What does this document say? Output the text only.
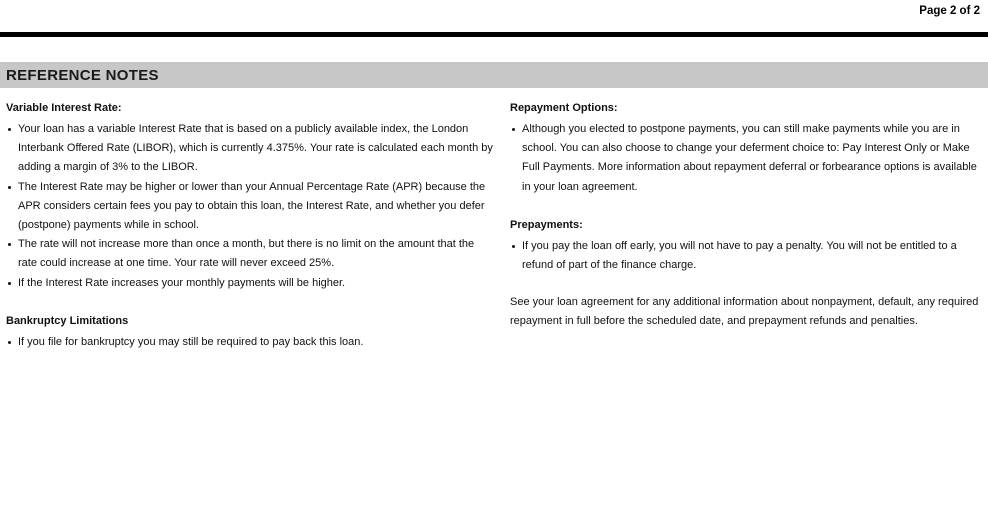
Page 2 of 2
REFERENCE NOTES
Variable Interest Rate:
Your loan has a variable Interest Rate that is based on a publicly available index, the London Interbank Offered Rate (LIBOR), which is currently 4.375%. Your rate is calculated each month by adding a margin of 3% to the LIBOR.
The Interest Rate may be higher or lower than your Annual Percentage Rate (APR) because the APR considers certain fees you pay to obtain this loan, the Interest Rate, and whether you defer (postpone) payments while in school.
The rate will not increase more than once a month, but there is no limit on the amount that the rate could increase at one time. Your rate will never exceed 25%.
If the Interest Rate increases your monthly payments will be higher.
Bankruptcy Limitations
If you file for bankruptcy you may still be required to pay back this loan.
Repayment Options:
Although you elected to postpone payments, you can still make payments while you are in school. You can also choose to change your deferment choice to: Pay Interest Only or Make Full Payments. More information about repayment deferral or forbearance options is available in your loan agreement.
Prepayments:
If you pay the loan off early, you will not have to pay a penalty. You will not be entitled to a refund of part of the finance charge.

See your loan agreement for any additional information about nonpayment, default, any required repayment in full before the scheduled date, and prepayment refunds and penalties.
